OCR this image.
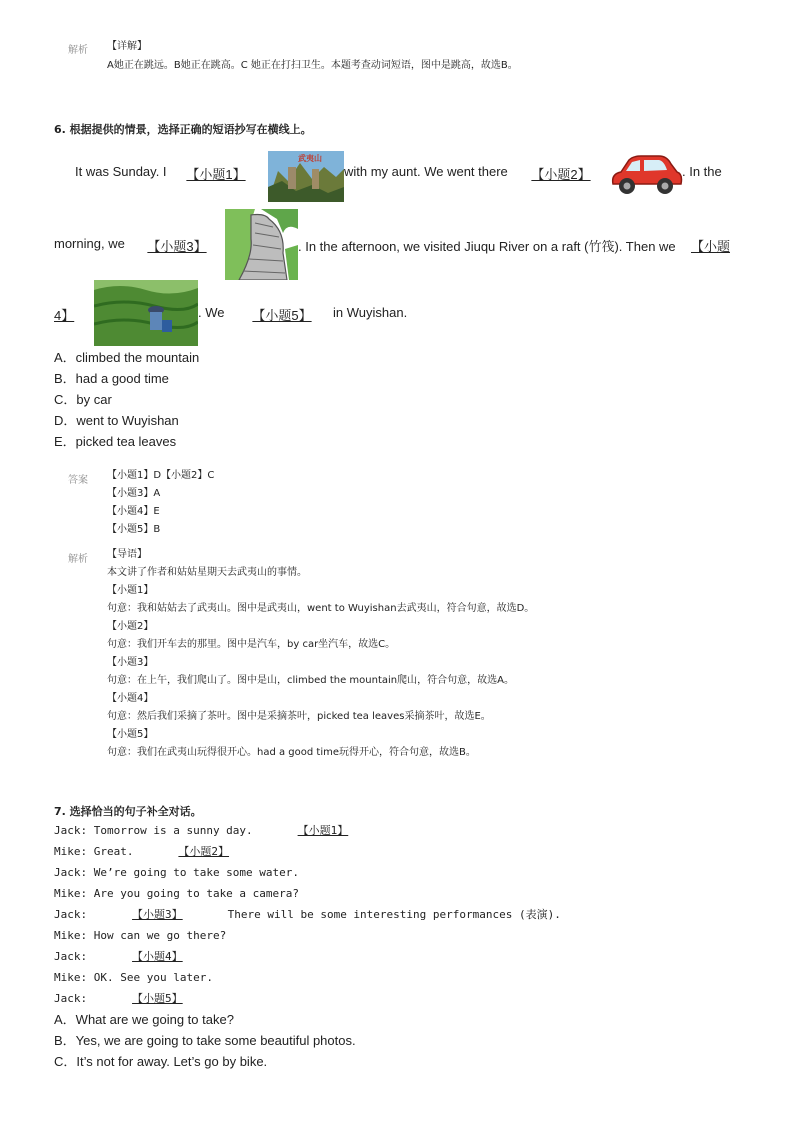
解析 【详解】
A她正在跳远。B她正在跳高。C 她正在打扫卫生。本题考查动词短语，图中是跳高，故选B。
6. 根据提供的情景，选择正确的短语抄写在横线上。
It was Sunday. I	【小题1】
武夷山
with my aunt. We went there	【小题2】	. In the
morning, we	【小题3】	. In the afternoon, we visited Jiuqu River on a raft (竹筏). Then we	【小题
4】	. We	【小题5】	in Wuyishan.
A．climbed the mountain
B．had a good time
C．by car
D．went to Wuyishan
E．picked tea leaves
答案 【小题1】D【小题2】C
【小题3】A
【小题4】E
【小题5】B
解析 【导语】
本文讲了作者和姑姑星期天去武夷山的事情。
【小题1】
句意：我和姑姑去了武夷山。图中是武夷山，went to Wuyishan去武夷山，符合句意，故选D。
【小题2】
句意：我们开车去的那里。图中是汽车，by car坐汽车，故选C。
【小题3】
句意：在上午，我们爬山了。图中是山，climbed the mountain爬山，符合句意，故选A。
【小题4】
句意：然后我们采摘了茶叶。图中是采摘茶叶，picked tea leaves采摘茶叶，故选E。
【小题5】
句意：我们在武夷山玩得很开心。had a good time玩得开心，符合句意，故选B。
7. 选择恰当的句子补全对话。
Jack: Tomorrow is a sunny day.	【小题1】
Mike: Great.	【小题2】
Jack: We’re going to take some water.
Mike: Are you going to take a camera?
Jack:	【小题3】	There will be some interesting performances (表演).
Mike: How can we go there?
Jack:	【小题4】
Mike: OK. See you later.
Jack:	【小题5】
A．What are we going to take?
B．Yes, we are going to take some beautiful photos.
C．It’s not for away. Let’s go by bike.
